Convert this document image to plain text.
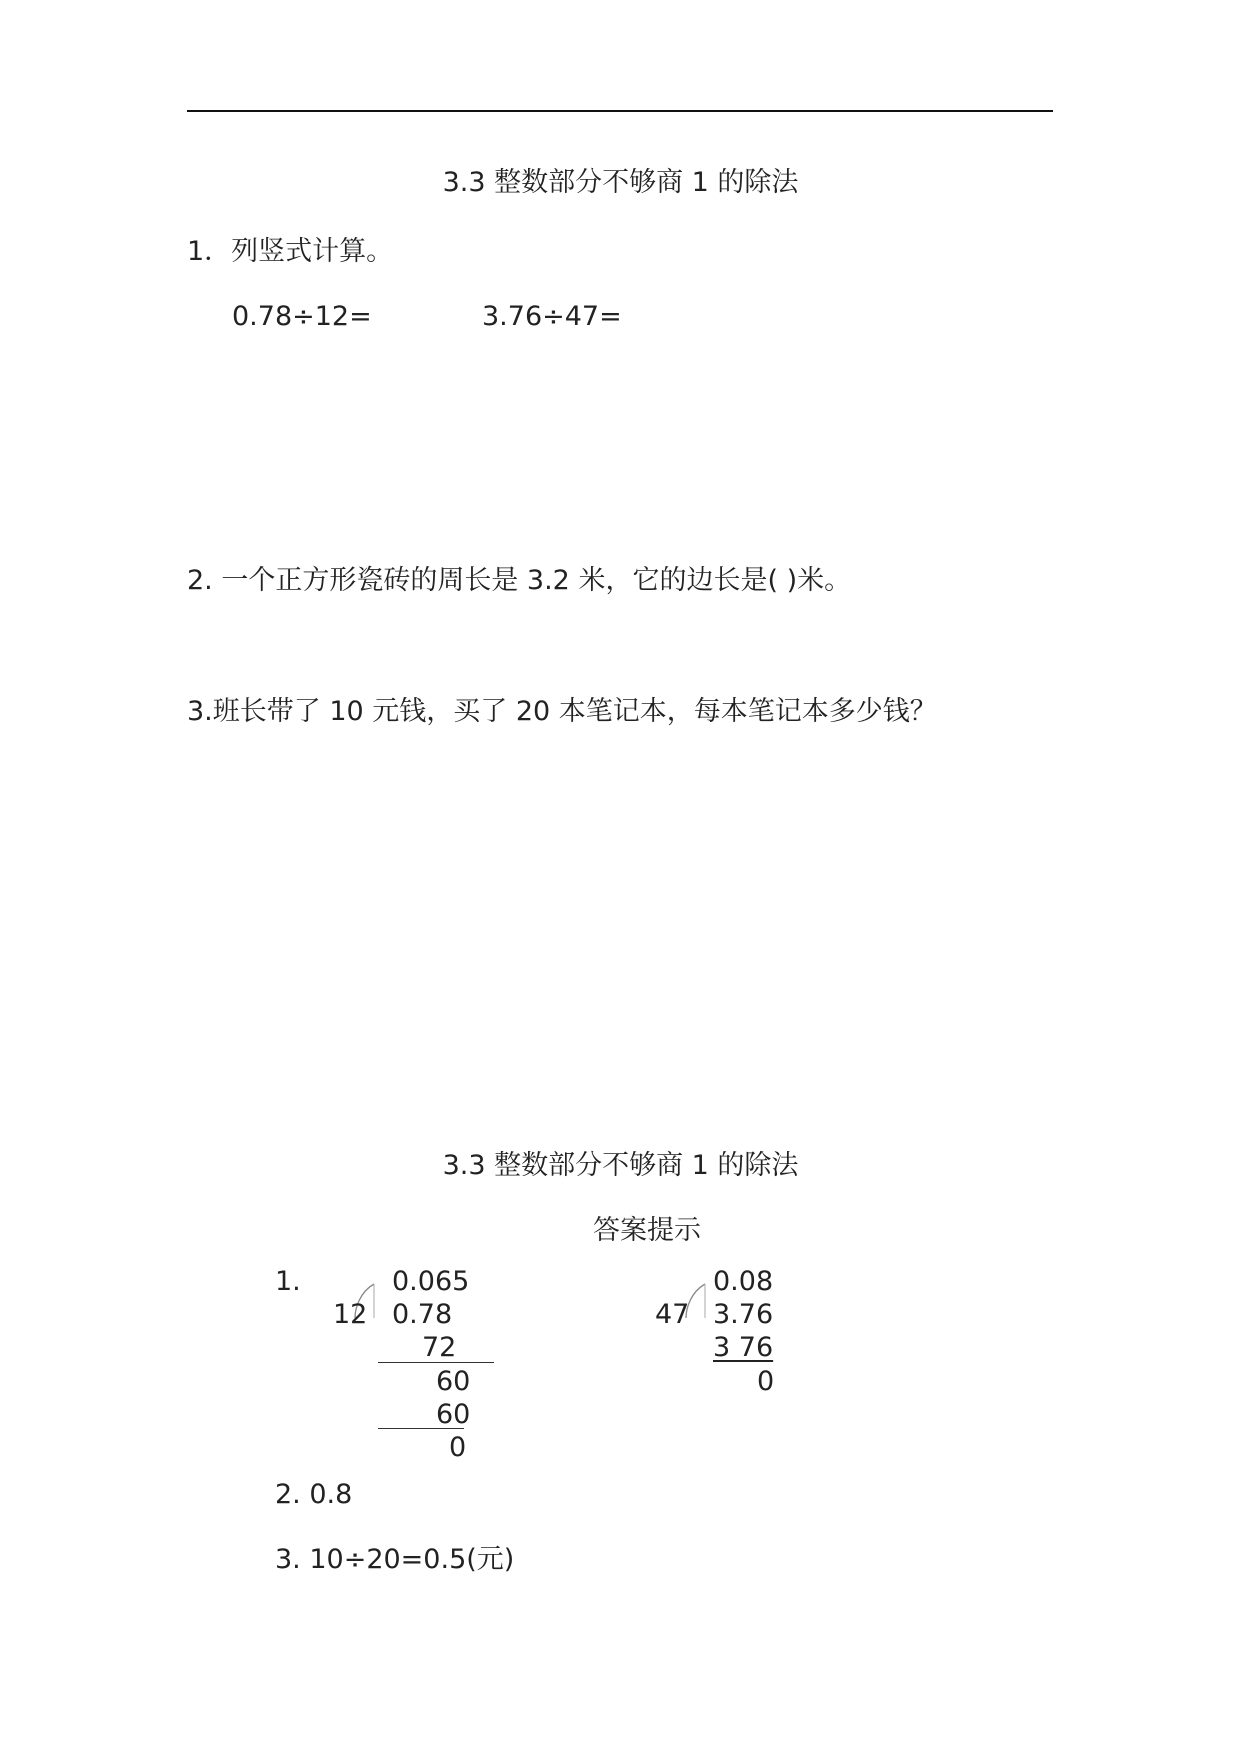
3.3 整数部分不够商 1 的除法
1．列竖式计算。
0.78÷12=	3.76÷47=
2. 一个正方形瓷砖的周长是 3.2 米，它的边长是( )米。
3.班长带了 10 元钱，买了 20 本笔记本，每本笔记本多少钱？
3.3 整数部分不够商 1 的除法
答案提示
1.	0.065
12 0.78
72
60
60
0
0.08
47 3.76
3 76
0
2. 0.8
3. 10÷20=0.5(元)
